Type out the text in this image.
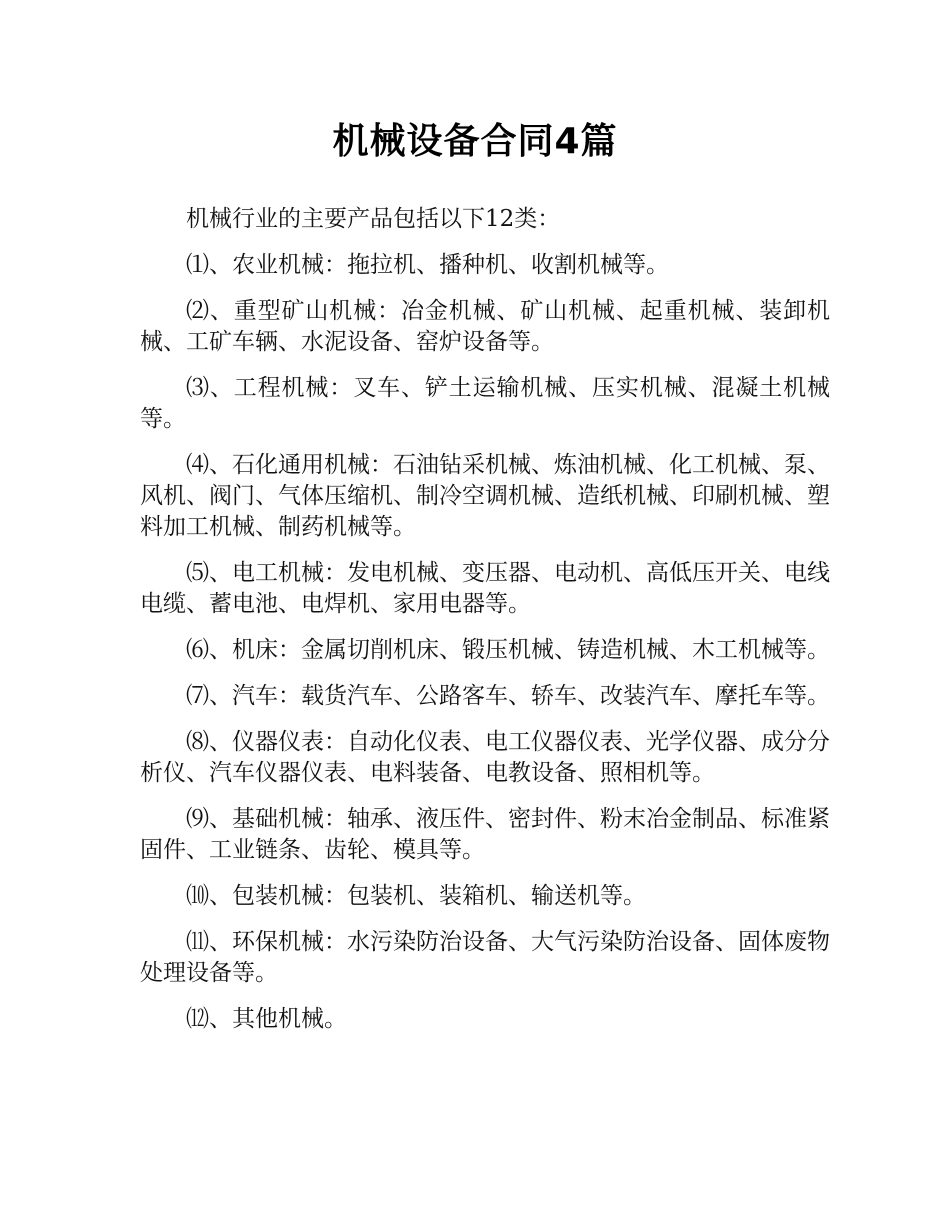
机械设备合同4篇

机械行业的主要产品包括以下12类：

⑴、农业机械：拖拉机、播种机、收割机械等。

⑵、重型矿山机械：冶金机械、矿山机械、起重机械、装卸机械、工矿车辆、水泥设备、窑炉设备等。

⑶、工程机械：叉车、铲土运输机械、压实机械、混凝土机械等。

⑷、石化通用机械：石油钻采机械、炼油机械、化工机械、泵、风机、阀门、气体压缩机、制冷空调机械、造纸机械、印刷机械、塑料加工机械、制药机械等。

⑸、电工机械：发电机械、变压器、电动机、高低压开关、电线电缆、蓄电池、电焊机、家用电器等。

⑹、机床：金属切削机床、锻压机械、铸造机械、木工机械等。

⑺、汽车：载货汽车、公路客车、轿车、改装汽车、摩托车等。

⑻、仪器仪表：自动化仪表、电工仪器仪表、光学仪器、成分分析仪、汽车仪器仪表、电料装备、电教设备、照相机等。

⑼、基础机械：轴承、液压件、密封件、粉末冶金制品、标准紧固件、工业链条、齿轮、模具等。

⑽、包装机械：包装机、装箱机、输送机等。

⑾、环保机械：水污染防治设备、大气污染防治设备、固体废物处理设备等。

⑿、其他机械。
